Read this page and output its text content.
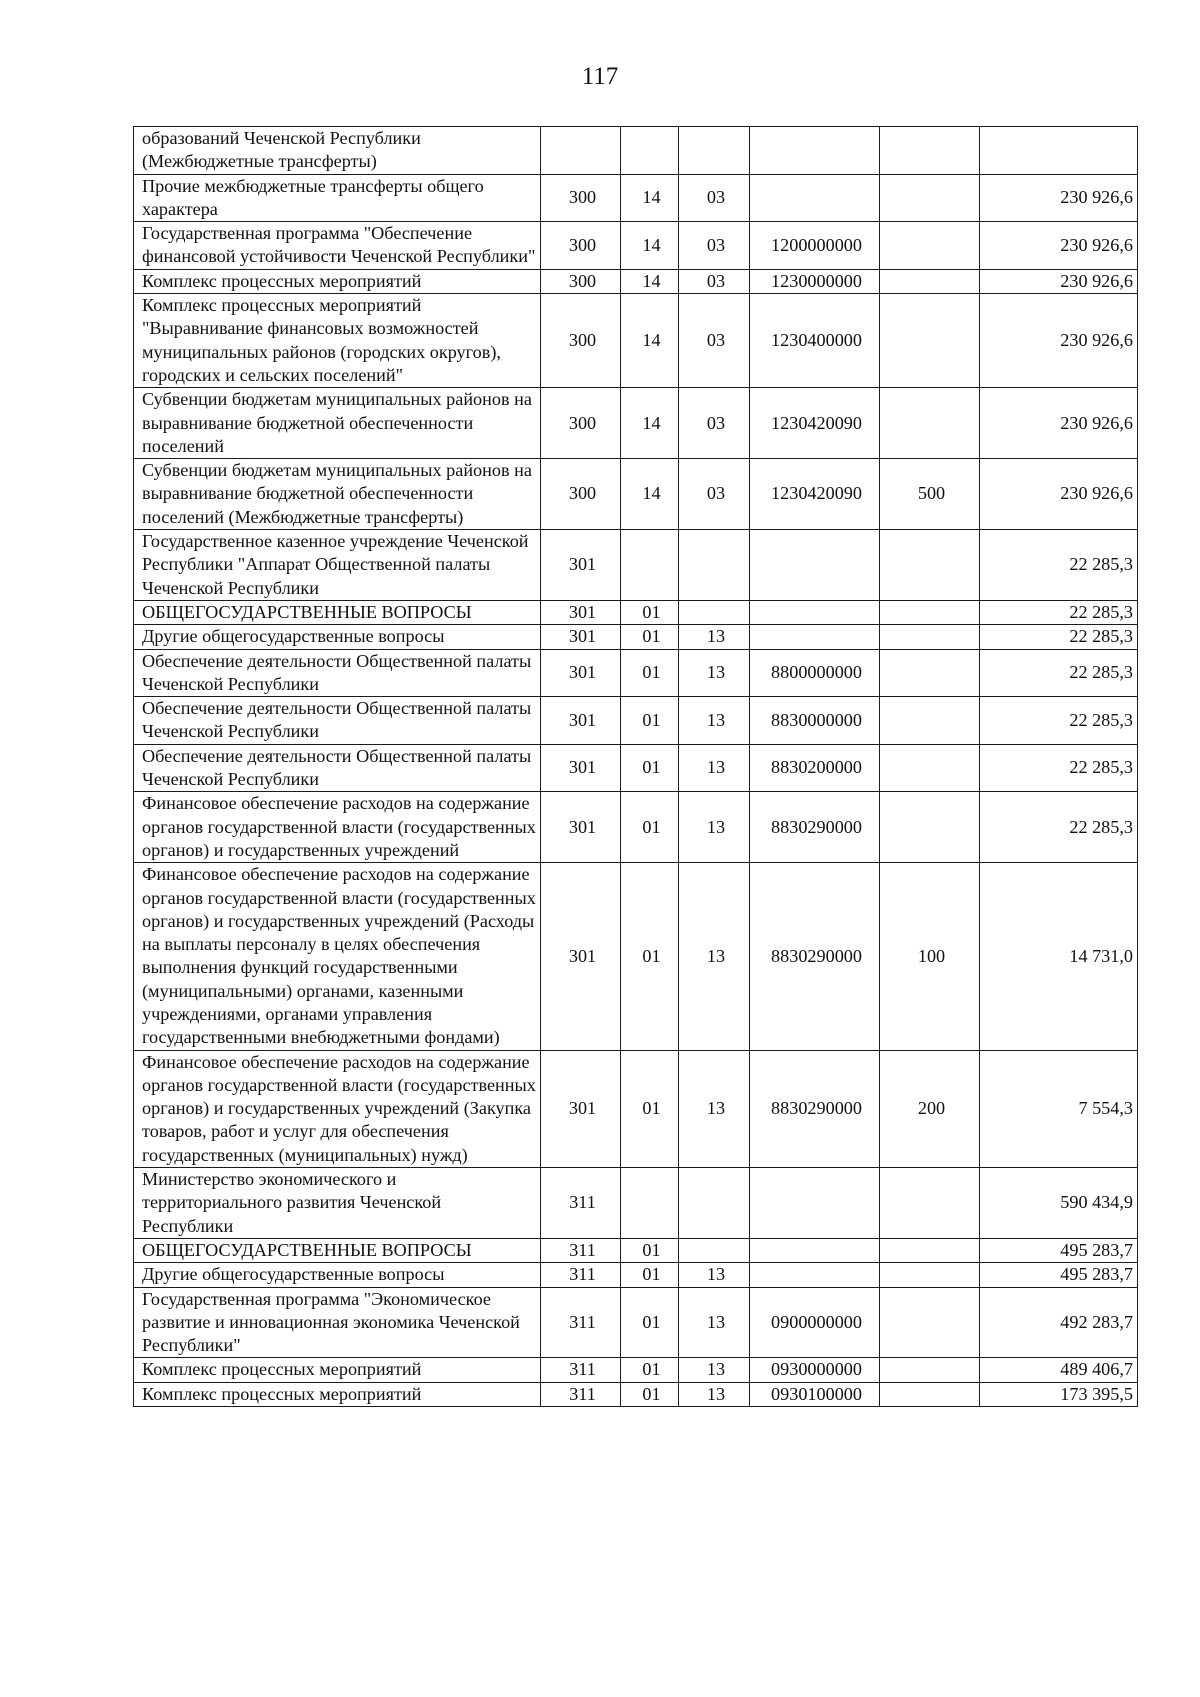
117
образований Чеченской Республики (Межбюджетные трансферты)						
Прочие межбюджетные трансферты общего характера	300	14	03			230 926,6
Государственная программа "Обеспечение финансовой устойчивости Чеченской Республики"	300	14	03	1200000000		230 926,6
Комплекс процессных мероприятий	300	14	03	1230000000		230 926,6
Комплекс процессных мероприятий "Выравнивание финансовых возможностей муниципальных районов (городских округов), городских и сельских поселений"	300	14	03	1230400000		230 926,6
Субвенции бюджетам муниципальных районов на выравнивание бюджетной обеспеченности поселений	300	14	03	1230420090		230 926,6
Субвенции бюджетам муниципальных районов на выравнивание бюджетной обеспеченности поселений (Межбюджетные трансферты)	300	14	03	1230420090	500	230 926,6
Государственное казенное учреждение Чеченской Республики "Аппарат Общественной палаты Чеченской Республики	301					22 285,3
ОБЩЕГОСУДАРСТВЕННЫЕ ВОПРОСЫ	301	01				22 285,3
Другие общегосударственные вопросы	301	01	13			22 285,3
Обеспечение деятельности Общественной палаты Чеченской Республики	301	01	13	8800000000		22 285,3
Обеспечение деятельности Общественной палаты Чеченской Республики	301	01	13	8830000000		22 285,3
Обеспечение деятельности Общественной палаты Чеченской Республики	301	01	13	8830200000		22 285,3
Финансовое обеспечение расходов на содержание органов государственной власти (государственных органов) и государственных учреждений	301	01	13	8830290000		22 285,3
Финансовое обеспечение расходов на содержание органов государственной власти (государственных органов) и государственных учреждений (Расходы на выплаты персоналу в целях обеспечения выполнения функций государственными (муниципальными) органами, казенными учреждениями, органами управления государственными внебюджетными фондами)	301	01	13	8830290000	100	14 731,0
Финансовое обеспечение расходов на содержание органов государственной власти (государственных органов) и государственных учреждений (Закупка товаров, работ и услуг для обеспечения государственных (муниципальных) нужд)	301	01	13	8830290000	200	7 554,3
Министерство экономического и территориального развития Чеченской Республики	311					590 434,9
ОБЩЕГОСУДАРСТВЕННЫЕ ВОПРОСЫ	311	01				495 283,7
Другие общегосударственные вопросы	311	01	13			495 283,7
Государственная программа "Экономическое развитие и инновационная экономика Чеченской Республики"	311	01	13	0900000000		492 283,7
Комплекс процессных мероприятий	311	01	13	0930000000		489 406,7
Комплекс процессных мероприятий	311	01	13	0930100000		173 395,5
